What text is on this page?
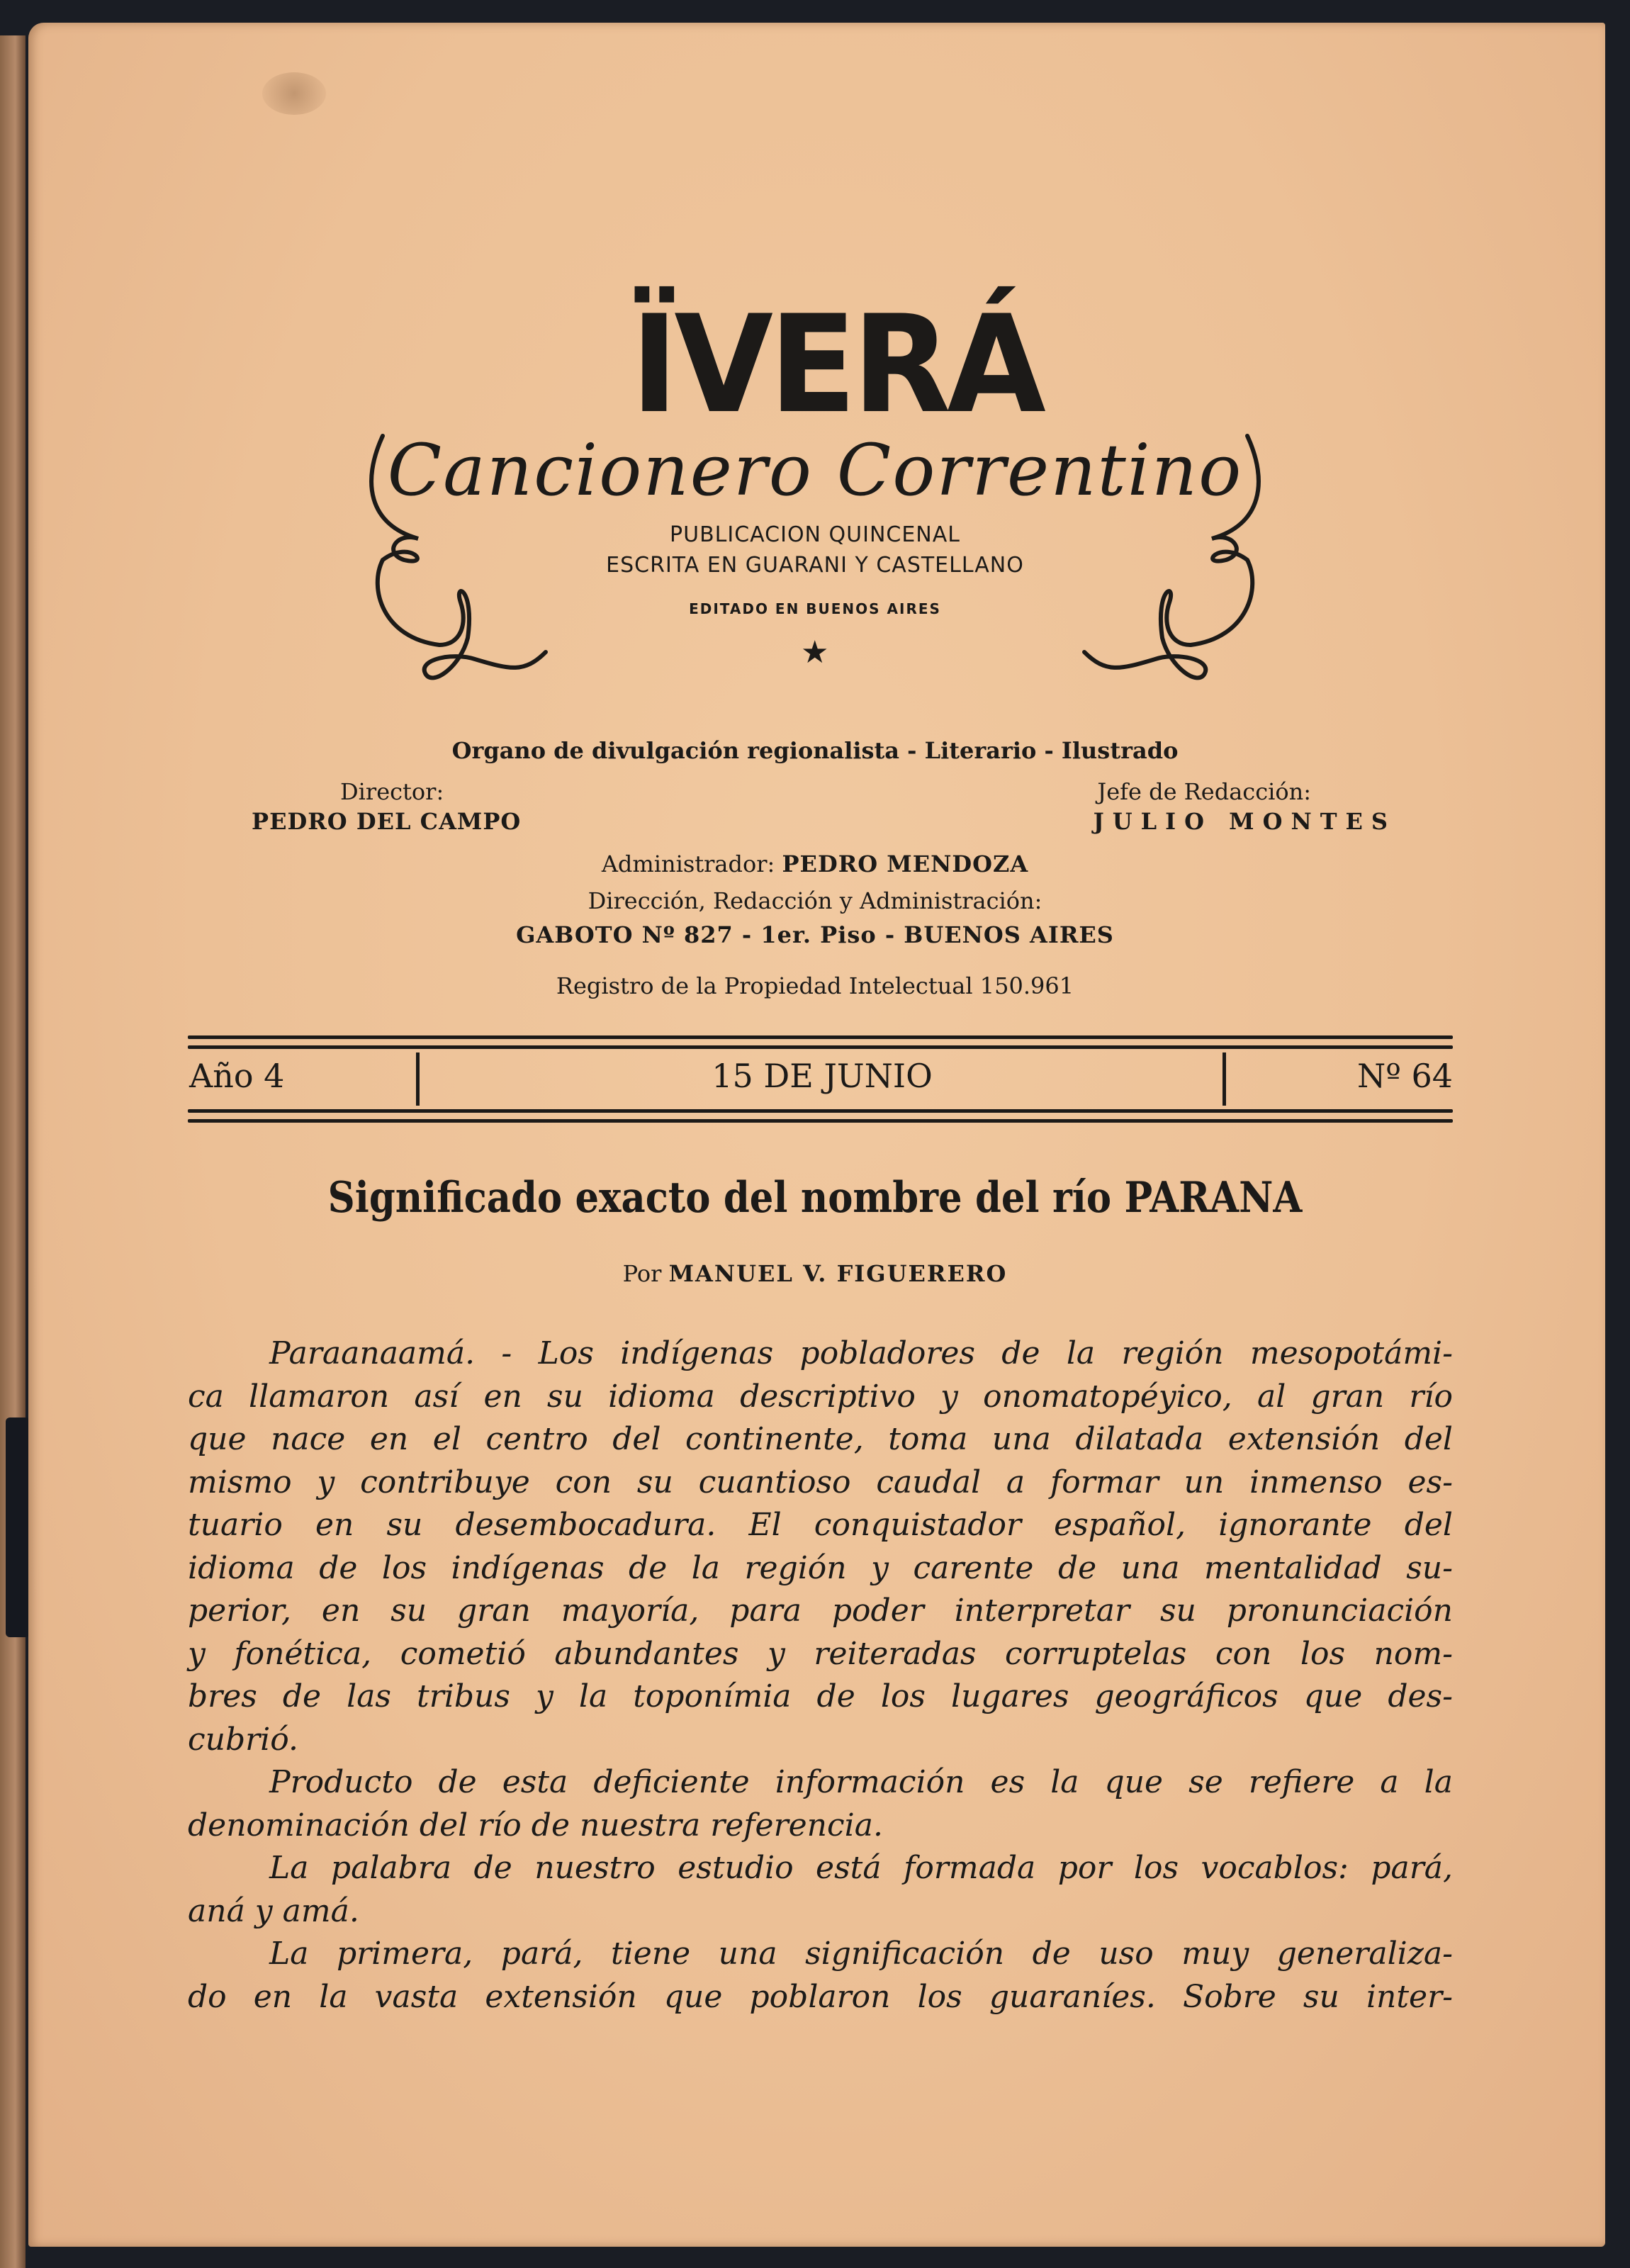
ÏVERÁ
Cancionero Correntino
PUBLICACION QUINCENAL
ESCRITA EN GUARANI Y CASTELLANO
EDITADO EN BUENOS AIRES
★
Organo de divulgación regionalista - Literario - Ilustrado
Director:	Jefe de Redacción:
PEDRO DEL CAMPO	JULIO MONTES
Administrador: PEDRO MENDOZA
Dirección, Redacción y Administración:
GABOTO Nº 827 - 1er. Piso - BUENOS AIRES
Registro de la Propiedad Intelectual 150.961
Año 4	15 DE JUNIO	Nº 64
Significado exacto del nombre del río PARANA
Por MANUEL V. FIGUERERO
Paraanaamá. - Los indígenas pobladores de la región mesopotámi-
ca llamaron así en su idioma descriptivo y onomatopéyico, al gran río
que nace en el centro del continente, toma una dilatada extensión del
mismo y contribuye con su cuantioso caudal a formar un inmenso es-
tuario en su desembocadura. El conquistador español, ignorante del
idioma de los indígenas de la región y carente de una mentalidad su-
perior, en su gran mayoría, para poder interpretar su pronunciación
y fonética, cometió abundantes y reiteradas corruptelas con los nom-
bres de las tribus y la toponímia de los lugares geográficos que des-
cubrió.
Producto de esta deficiente información es la que se refiere a la
denominación del río de nuestra referencia.
La palabra de nuestro estudio está formada por los vocablos: pará,
aná y amá.
La primera, pará, tiene una significación de uso muy generaliza-
do en la vasta extensión que poblaron los guaraníes. Sobre su inter-
